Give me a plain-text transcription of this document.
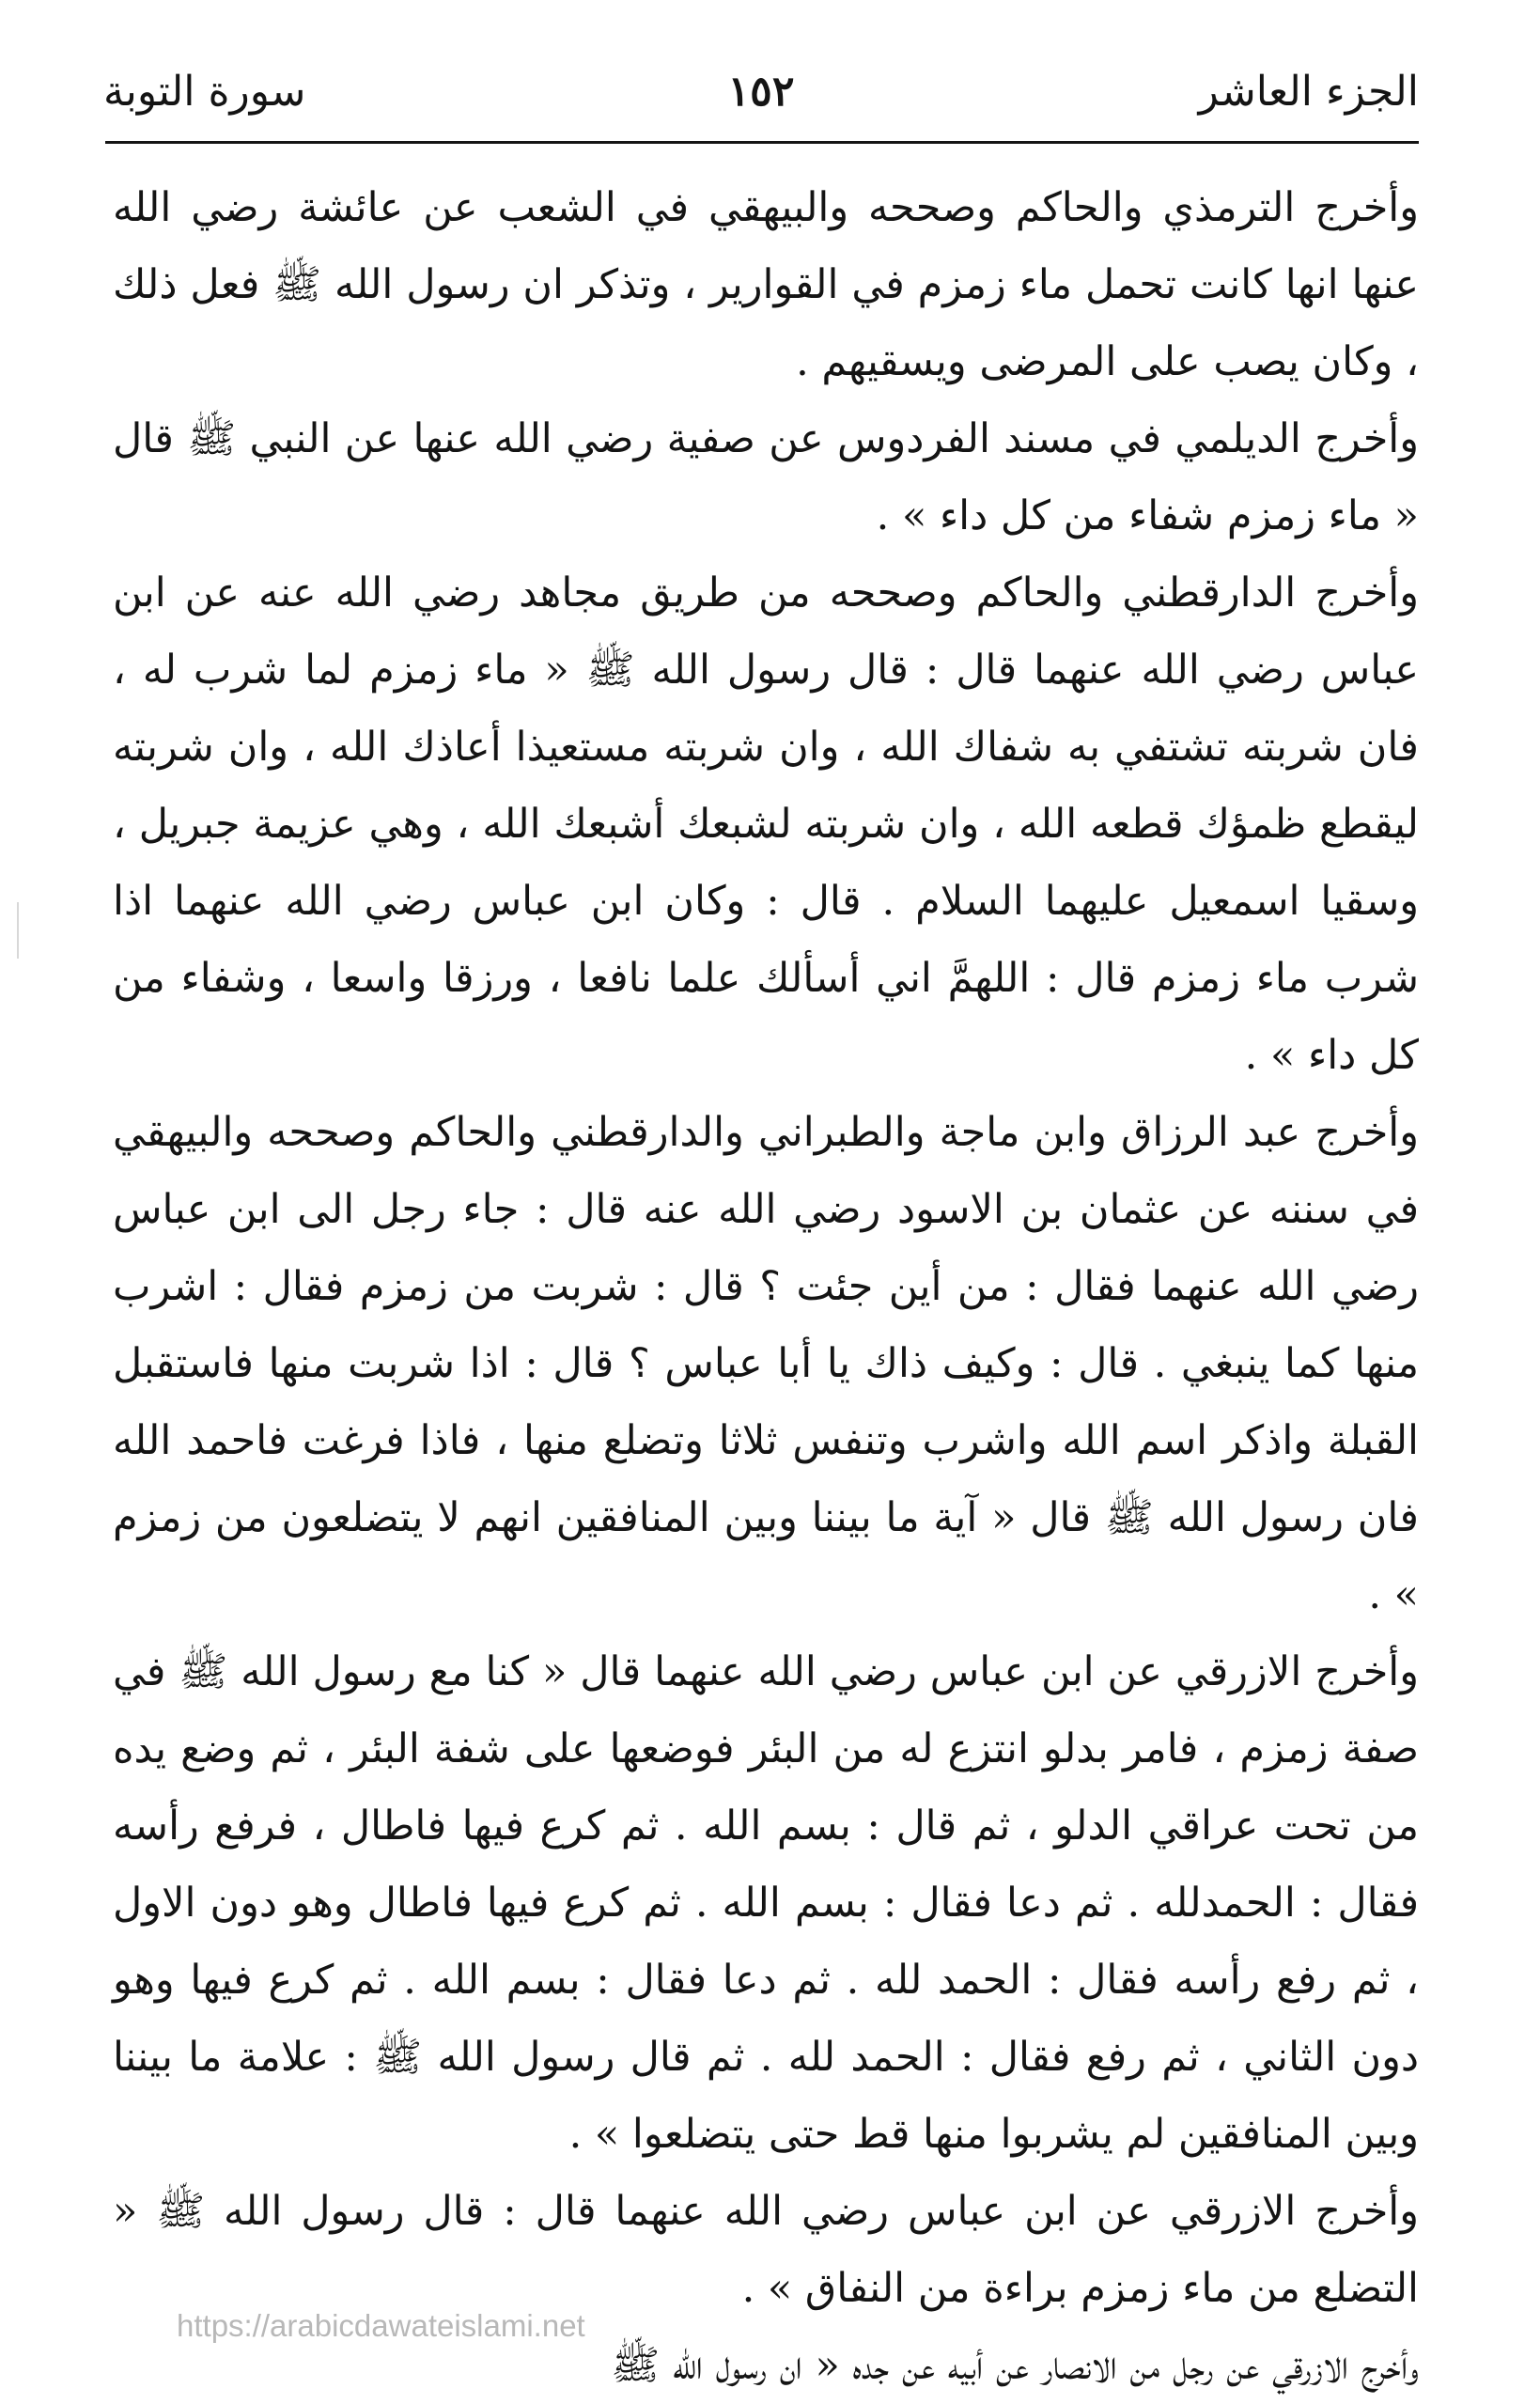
الجزء العاشر
١٥٢
سورة التوبة

وأخرج الترمذي والحاكم وصححه والبيهقي في الشعب عن عائشة رضي الله عنها انها كانت تحمل ماء زمزم في القوارير ، وتذكر ان رسول الله ﷺ فعل ذلك ، وكان يصب على المرضى ويسقيهم .

وأخرج الديلمي في مسند الفردوس عن صفية رضي الله عنها عن النبي ﷺ قال « ماء زمزم شفاء من كل داء » .

وأخرج الدارقطني والحاكم وصححه من طريق مجاهد رضي الله عنه عن ابن عباس رضي الله عنهما قال : قال رسول الله ﷺ « ماء زمزم لما شرب له ، فان شربته تشتفي به شفاك الله ، وان شربته مستعيذا أعاذك الله ، وان شربته ليقطع ظمؤك قطعه الله ، وان شربته لشبعك أشبعك الله ، وهي عزيمة جبريل ، وسقيا اسمعيل عليهما السلام . قال : وكان ابن عباس رضي الله عنهما اذا شرب ماء زمزم قال : اللهمَّ اني أسألك علما نافعا ، ورزقا واسعا ، وشفاء من كل داء » .

وأخرج عبد الرزاق وابن ماجة والطبراني والدارقطني والحاكم وصححه والبيهقي في سننه عن عثمان بن الاسود رضي الله عنه قال : جاء رجل الى ابن عباس رضي الله عنهما فقال : من أين جئت ؟ قال : شربت من زمزم فقال : اشرب منها كما ينبغي . قال : وكيف ذاك يا أبا عباس ؟ قال : اذا شربت منها فاستقبل القبلة واذكر اسم الله واشرب وتنفس ثلاثا وتضلع منها ، فاذا فرغت فاحمد الله فان رسول الله ﷺ قال « آية ما بيننا وبين المنافقين انهم لا يتضلعون من زمزم » .

وأخرج الازرقي عن ابن عباس رضي الله عنهما قال « كنا مع رسول الله ﷺ في صفة زمزم ، فامر بدلو انتزع له من البئر فوضعها على شفة البئر ، ثم وضع يده من تحت عراقي الدلو ، ثم قال : بسم الله . ثم كرع فيها فاطال ، فرفع رأسه فقال : الحمدلله . ثم دعا فقال : بسم الله . ثم كرع فيها فاطال وهو دون الاول ، ثم رفع رأسه فقال : الحمد لله . ثم دعا فقال : بسم الله . ثم كرع فيها وهو دون الثاني ، ثم رفع فقال : الحمد لله . ثم قال رسول الله ﷺ : علامة ما بيننا وبين المنافقين لم يشربوا منها قط حتى يتضلعوا » .

وأخرج الازرقي عن ابن عباس رضي الله عنهما قال : قال رسول الله ﷺ « التضلع من ماء زمزم براءة من النفاق » .

وأخرج الازرقي عن رجل من الانصار عن أبيه عن جده « ان رسول الله ﷺ

https://arabicdawateislami.net
